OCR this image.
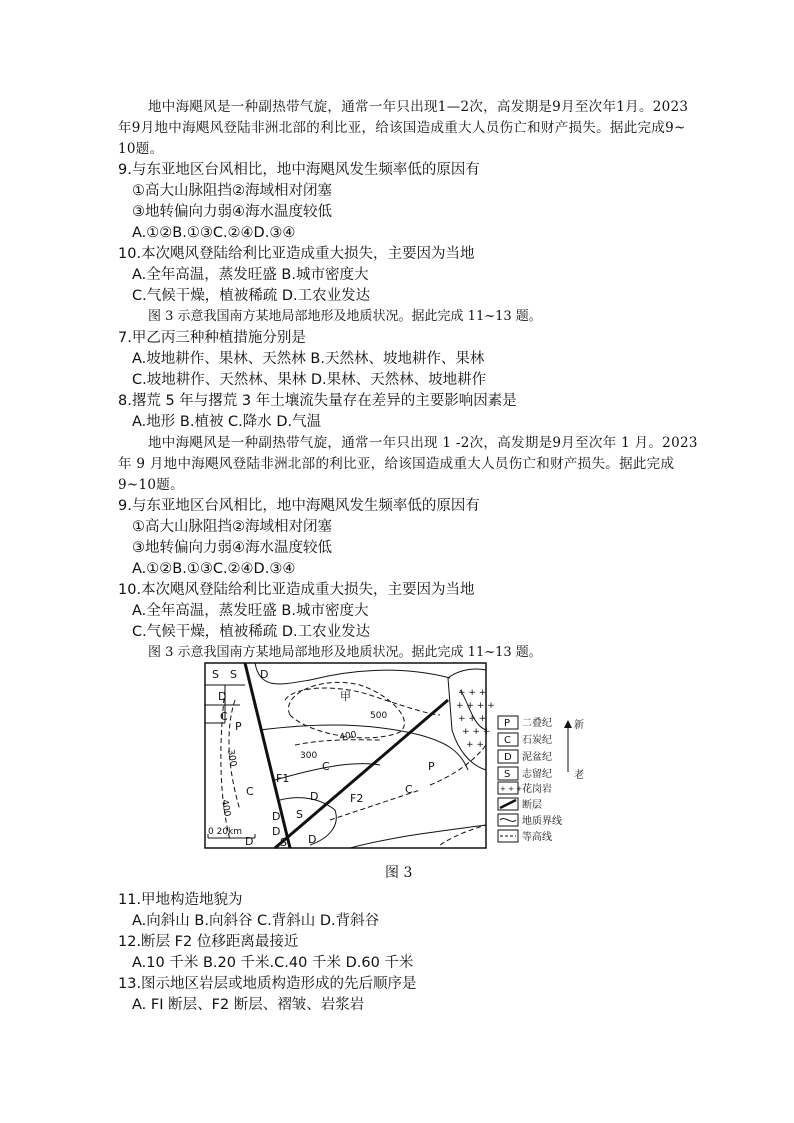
地中海飓风是一种副热带气旋，通常一年只出现1—2次，高发期是9月至次年1月。2023
年9月地中海飓风登陆非洲北部的利比亚，给该国造成重大人员伤亡和财产损失。据此完成9~
10题。
9.与东亚地区台风相比，地中海飓风发生频率低的原因有
①高大山脉阻挡②海域相对闭塞
③地转偏向力弱④海水温度较低
A.①②B.①③C.②④D.③④
10.本次飓风登陆给利比亚造成重大损失，主要因为当地
A.全年高温，蒸发旺盛 B.城市密度大
C.气候干燥，植被稀疏 D.工农业发达
图 3 示意我国南方某地局部地形及地质状况。据此完成 11~13 题。
7.甲乙丙三种种植措施分别是
A.坡地耕作、果林、天然林 B.天然林、坡地耕作、果林
C.坡地耕作、天然林、果林 D.果林、天然林、坡地耕作
8.撂荒 5 年与撂荒 3 年土壤流失量存在差异的主要影响因素是
A.地形 B.植被 C.降水 D.气温
地中海飓风是一种副热带气旋，通常一年只出现 1 -2次，高发期是9月至次年 1 月。2023
年 9 月地中海飓风登陆非洲北部的利比亚，给该国造成重大人员伤亡和财产损失。据此完成
9~10题。
9.与东亚地区台风相比，地中海飓风发生频率低的原因有
①高大山脉阻挡②海域相对闭塞
③地转偏向力弱④海水温度较低
A.①②B.①③C.②④D.③④
10.本次飓风登陆给利比亚造成重大损失，主要因为当地
A.全年高温，蒸发旺盛 B.城市密度大
C.气候干燥，植被稀疏 D.工农业发达
图 3 示意我国南方某地局部地形及地质状况。据此完成 11~13 题。
11.甲地构造地貌为
A.向斜山 B.向斜谷 C.背斜山 D.背斜谷
12.断层 F2 位移距离最接近
A.10 千米 B.20 千米.C.40 千米 D.60 千米
13.图示地区岩层或地质构造形成的先后顺序是
A. FI 断层、F2 断层、褶皱、岩浆岩
+ + +
+ + + +
+ + +
+ + +
+ +
S S D
D
C
P
甲
500
400
300
300
400
F1
F2
C
D
C
P
C
D
D
S
S D
D
0 20km
P 二叠纪
C 石炭纪
D 泥盆纪
S 志留纪
新
老
+ + + 花岗岩
断层
地质界线
等高线
图 3
